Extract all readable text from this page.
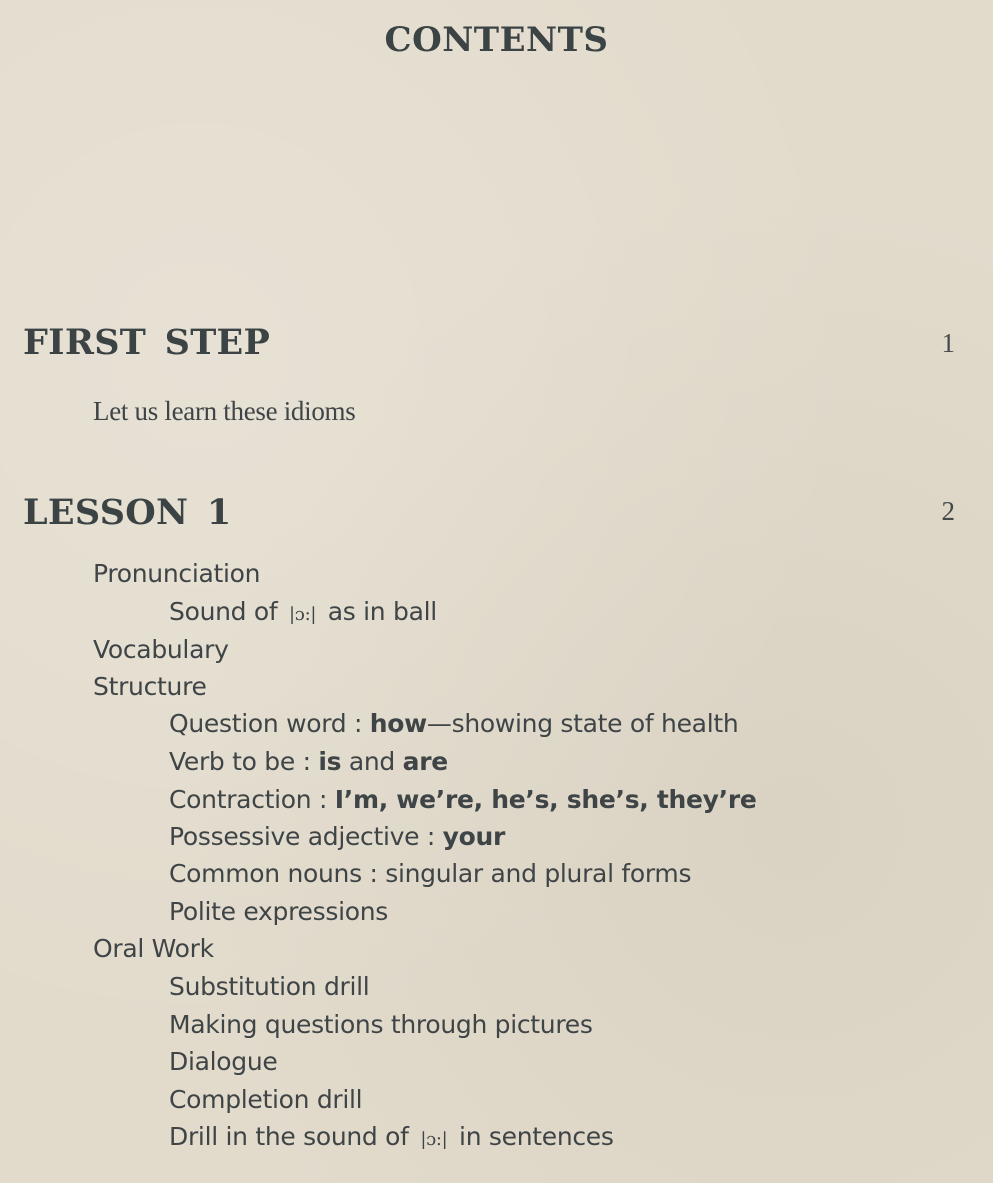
CONTENTS
FIRST STEP	1
Let us learn these idioms
LESSON 1	2
Pronunciation
Sound of |ɔ:| as in ball
Vocabulary
Structure
Question word : how—showing state of health
Verb to be : is and are
Contraction : I’m, we’re, he’s, she’s, they’re
Possessive adjective : your
Common nouns : singular and plural forms
Polite expressions
Oral Work
Substitution drill
Making questions through pictures
Dialogue
Completion drill
Drill in the sound of |ɔ:| in sentences
